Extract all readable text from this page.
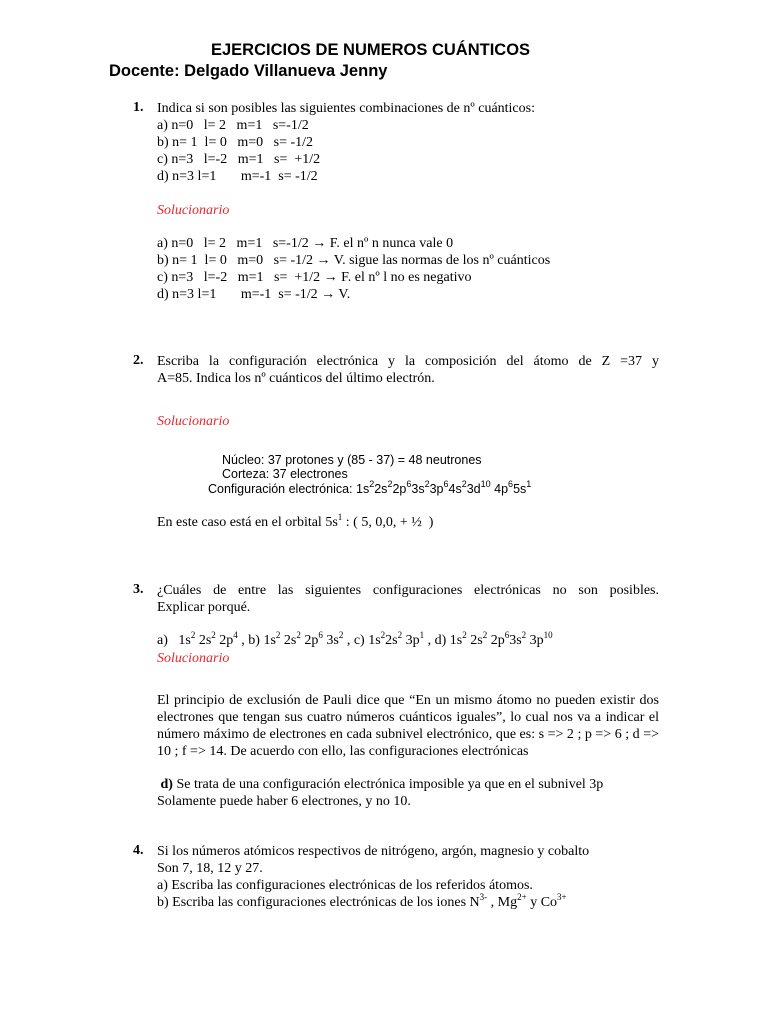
EJERCICIOS DE NUMEROS CUÁNTICOS
Docente: Delgado Villanueva Jenny
1. Indica si son posibles las siguientes combinaciones de nº cuánticos:
a) n=0   l= 2   m=1   s=-1/2
b) n= 1  l= 0   m=0   s= -1/2
c) n=3   l=-2   m=1   s=  +1/2
d) n=3 l=1       m=-1  s= -1/2
Solucionario
a) n=0   l= 2   m=1   s=-1/2 → F. el nº n nunca vale 0
b) n= 1  l= 0   m=0   s= -1/2 → V. sigue las normas de los nº cuánticos
c) n=3   l=-2   m=1   s=  +1/2 → F. el nº l no es negativo
d) n=3 l=1       m=-1  s= -1/2 → V.
2. Escriba la configuración electrónica y la composición del átomo de Z =37 y
A=85. Indica los nº cuánticos del último electrón.
Solucionario
Núcleo: 37 protones y (85 - 37) = 48 neutrones
Corteza: 37 electrones
Configuración electrónica: $1s^22s^22p^63s^23p^64s^23d^{10}$ $4p^65s^1$
En este caso está en el orbital $5s^1$ : ( 5, 0,0, + ½  )
3. ¿Cuáles de entre las siguientes configuraciones electrónicas no son posibles.
Explicar porqué.
a) $1s^2$ $2s^2$ $2p^4$ , b) $1s^2$ $2s^2$ $2p^6$ $3s^2$ , c) $1s^22s^2$ $3p^1$ , d) $1s^2$ $2s^2$ $2p^63s^2$ $3p^{10}$
Solucionario
El principio de exclusión de Pauli dice que “En un mismo átomo no pueden existir dos electrones que tengan sus cuatro números cuánticos iguales”, lo cual nos va a indicar el número máximo de electrones en cada subnivel electrónico, que es: s => 2 ; p => 6 ; d => 10 ; f => 14. De acuerdo con ello, las configuraciones electrónicas
d) Se trata de una configuración electrónica imposible ya que en el subnivel 3p
Solamente puede haber 6 electrones, y no 10.
4. Si los números atómicos respectivos de nitrógeno, argón, magnesio y cobalto
Son 7, 18, 12 y 27.
a) Escriba las configuraciones electrónicas de los referidos átomos.
b) Escriba las configuraciones electrónicas de los iones $N^{3-}$ , $Mg^{2+}$ y $Co^{3+}$
